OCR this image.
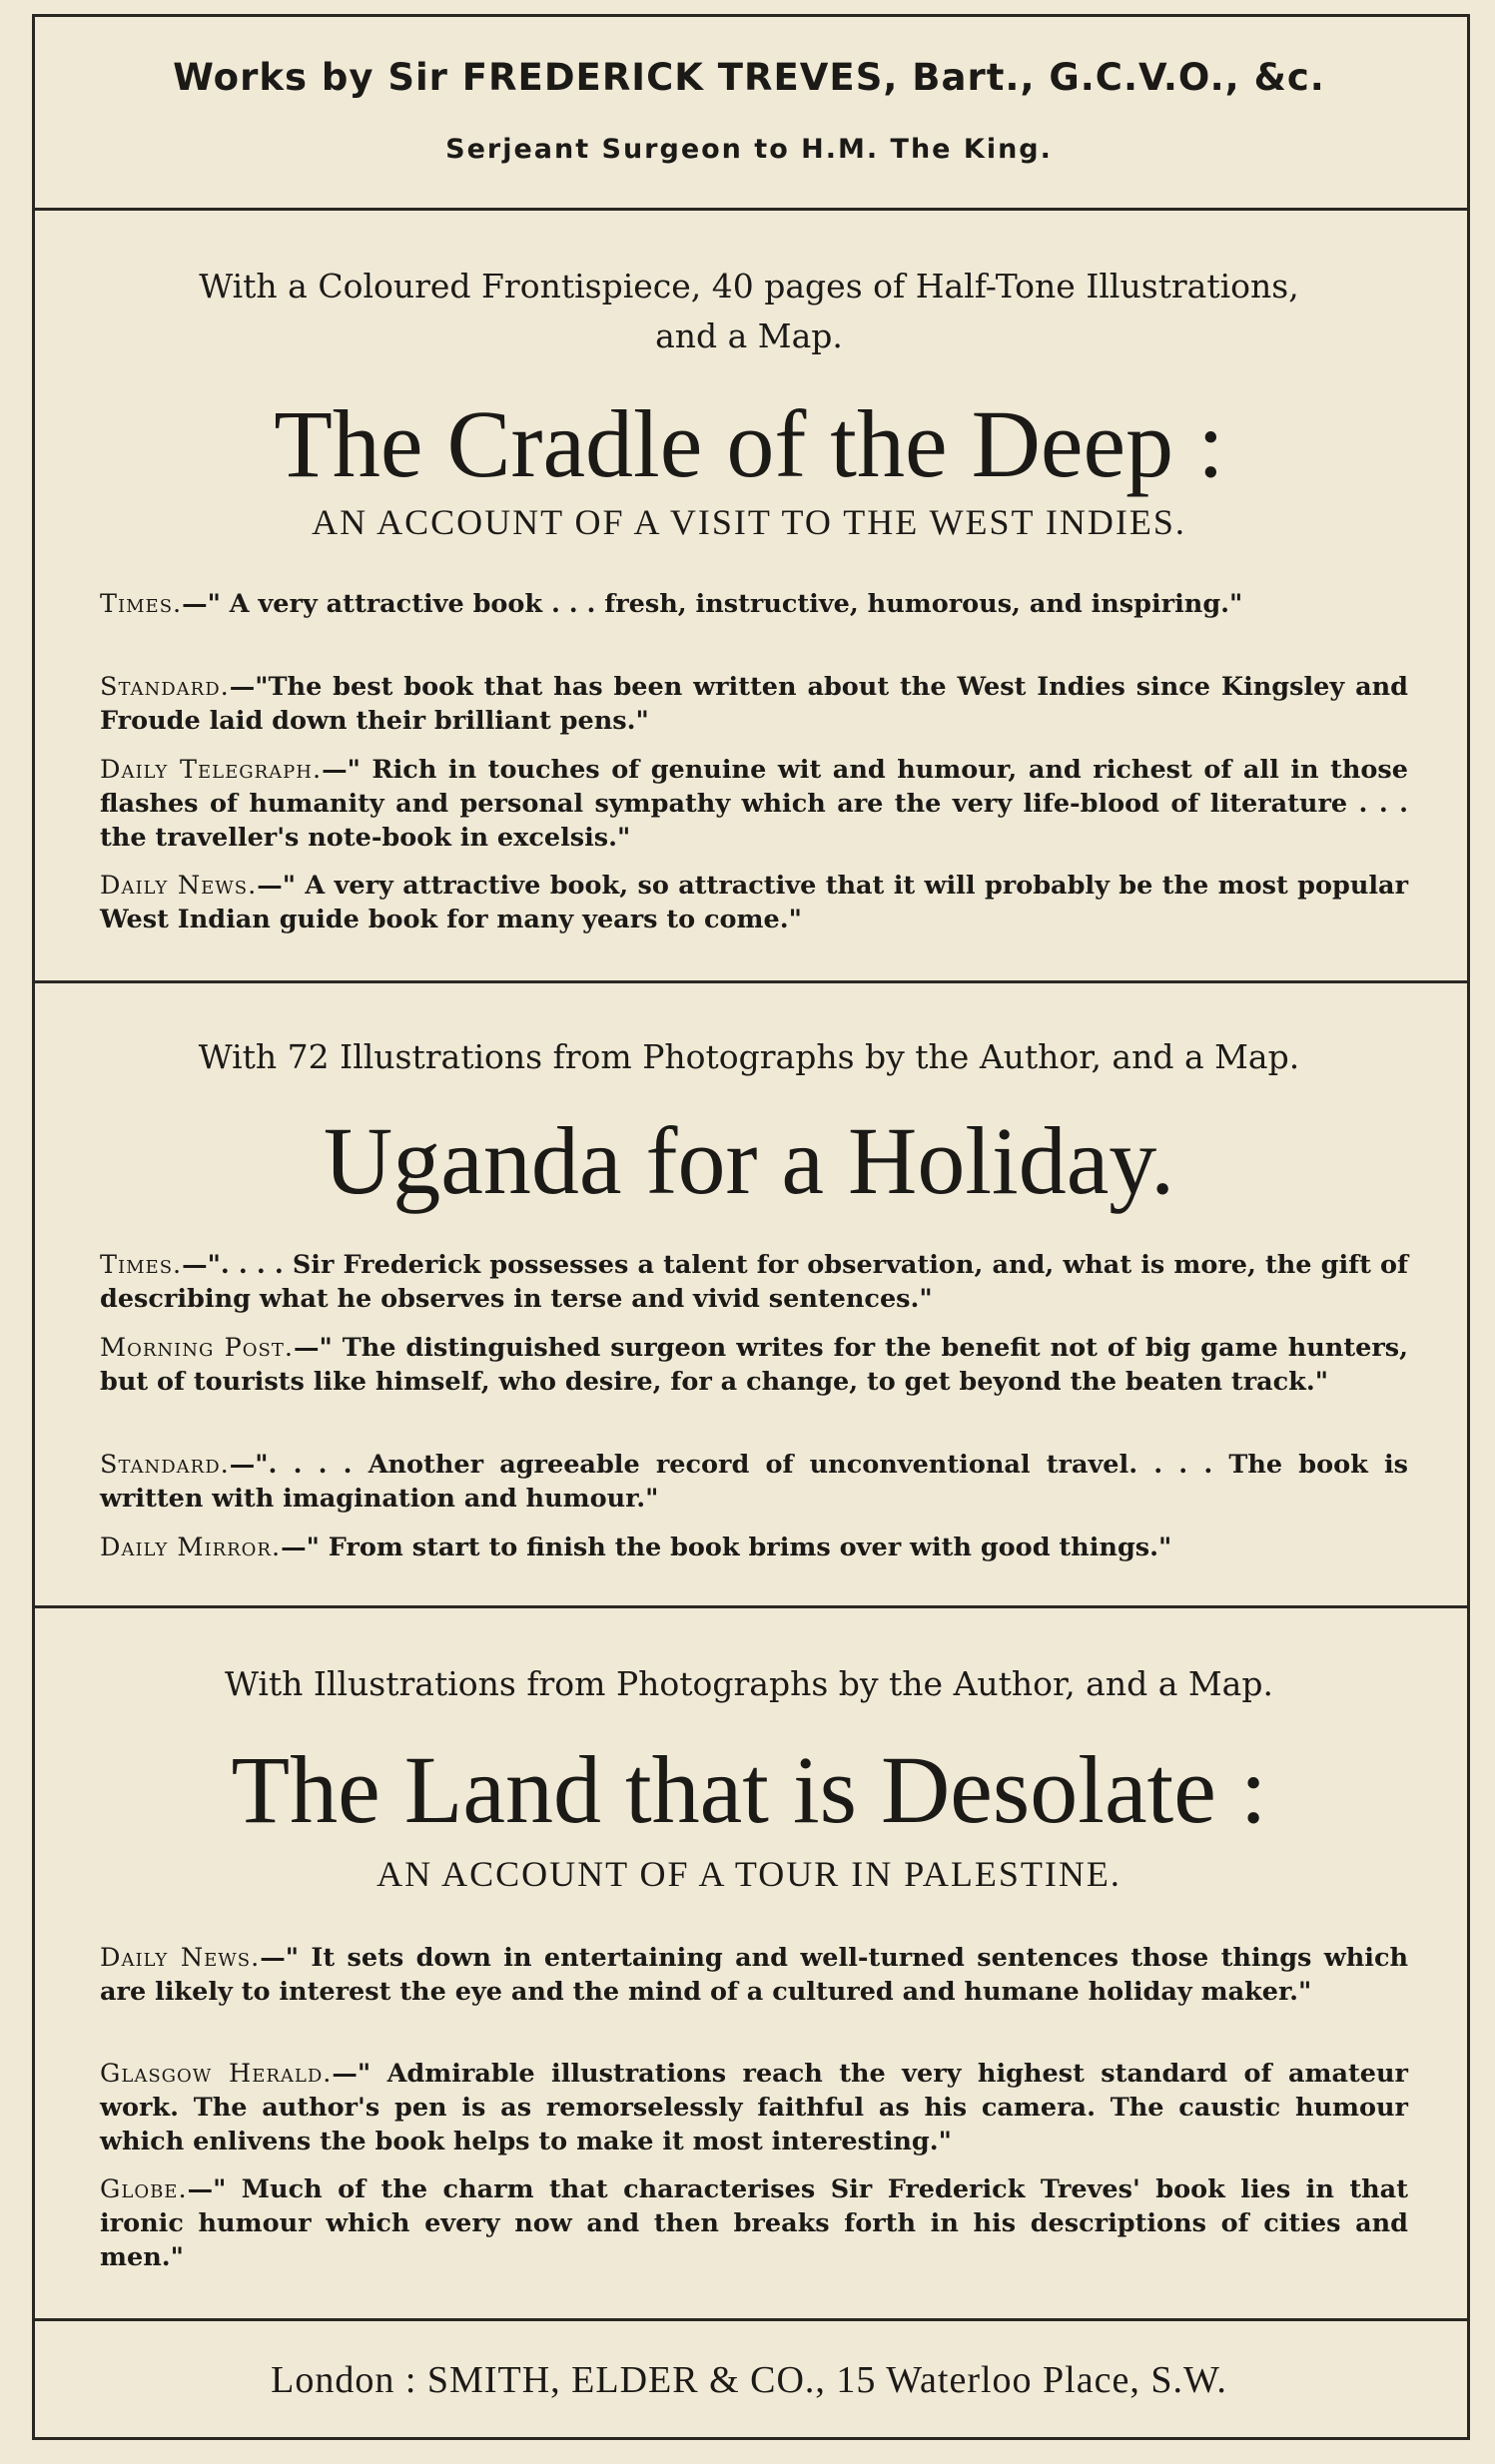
Works by Sir FREDERICK TREVES, Bart., G.C.V.O., &c.
Serjeant Surgeon to H.M. The King.
With a Coloured Frontispiece, 40 pages of Half-Tone Illustrations,
and a Map.
The Cradle of the Deep :
AN ACCOUNT OF A VISIT TO THE WEST INDIES.
Times.—" A very attractive book . . . fresh, instructive, humorous, and inspiring."
Standard.—"The best book that has been written about the West Indies since Kingsley and Froude laid down their brilliant pens."
Daily Telegraph.—" Rich in touches of genuine wit and humour, and richest of all in those flashes of humanity and personal sympathy which are the very life-blood of literature . . . the traveller's note-book in excelsis."
Daily News.—" A very attractive book, so attractive that it will probably be the most popular West Indian guide book for many years to come."
With 72 Illustrations from Photographs by the Author, and a Map.
Uganda for a Holiday.
Times.—". . . . Sir Frederick possesses a talent for observation, and, what is more, the gift of describing what he observes in terse and vivid sentences."
Morning Post.—" The distinguished surgeon writes for the benefit not of big game hunters, but of tourists like himself, who desire, for a change, to get beyond the beaten track."
Standard.—". . . . Another agreeable record of unconventional travel. . . . The book is written with imagination and humour."
Daily Mirror.—" From start to finish the book brims over with good things."
With Illustrations from Photographs by the Author, and a Map.
The Land that is Desolate :
AN ACCOUNT OF A TOUR IN PALESTINE.
Daily News.—" It sets down in entertaining and well-turned sentences those things which are likely to interest the eye and the mind of a cultured and humane holiday maker."
Glasgow Herald.—" Admirable illustrations reach the very highest standard of amateur work. The author's pen is as remorselessly faithful as his camera. The caustic humour which enlivens the book helps to make it most interesting."
Globe.—" Much of the charm that characterises Sir Frederick Treves' book lies in that ironic humour which every now and then breaks forth in his descriptions of cities and men."
London : SMITH, ELDER & CO., 15 Waterloo Place, S.W.
